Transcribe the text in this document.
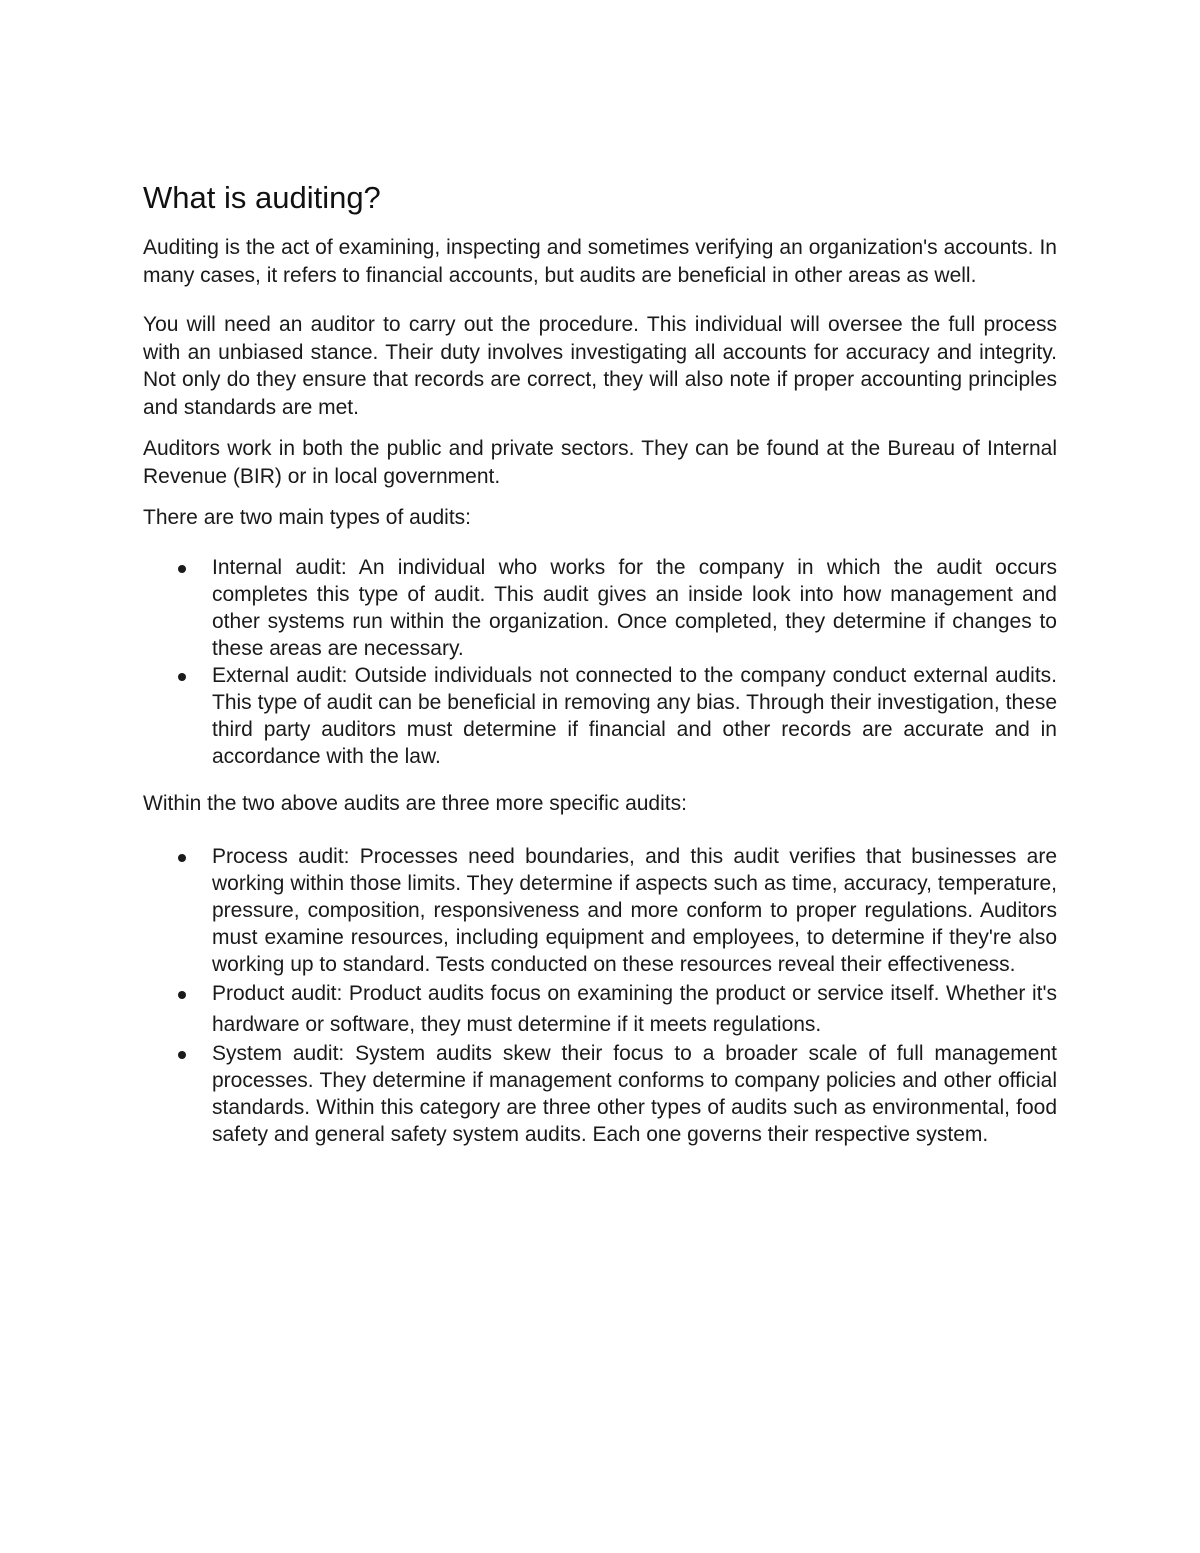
What is auditing?

Auditing is the act of examining, inspecting and sometimes verifying an organization's accounts. In many cases, it refers to financial accounts, but audits are beneficial in other areas as well.

You will need an auditor to carry out the procedure. This individual will oversee the full process with an unbiased stance. Their duty involves investigating all accounts for accuracy and integrity. Not only do they ensure that records are correct, they will also note if proper accounting principles and standards are met.

Auditors work in both the public and private sectors. They can be found at the Bureau of Internal Revenue (BIR) or in local government.

There are two main types of audits:

Internal audit: An individual who works for the company in which the audit occurs completes this type of audit. This audit gives an inside look into how management and other systems run within the organization. Once completed, they determine if changes to these areas are necessary.
External audit: Outside individuals not connected to the company conduct external audits. This type of audit can be beneficial in removing any bias. Through their investigation, these third party auditors must determine if financial and other records are accurate and in accordance with the law.

Within the two above audits are three more specific audits:

Process audit: Processes need boundaries, and this audit verifies that businesses are working within those limits. They determine if aspects such as time, accuracy, temperature, pressure, composition, responsiveness and more conform to proper regulations. Auditors must examine resources, including equipment and employees, to determine if they're also working up to standard. Tests conducted on these resources reveal their effectiveness.
Product audit: Product audits focus on examining the product or service itself. Whether it's hardware or software, they must determine if it meets regulations.
System audit: System audits skew their focus to a broader scale of full management processes. They determine if management conforms to company policies and other official standards. Within this category are three other types of audits such as environmental, food safety and general safety system audits. Each one governs their respective system.
